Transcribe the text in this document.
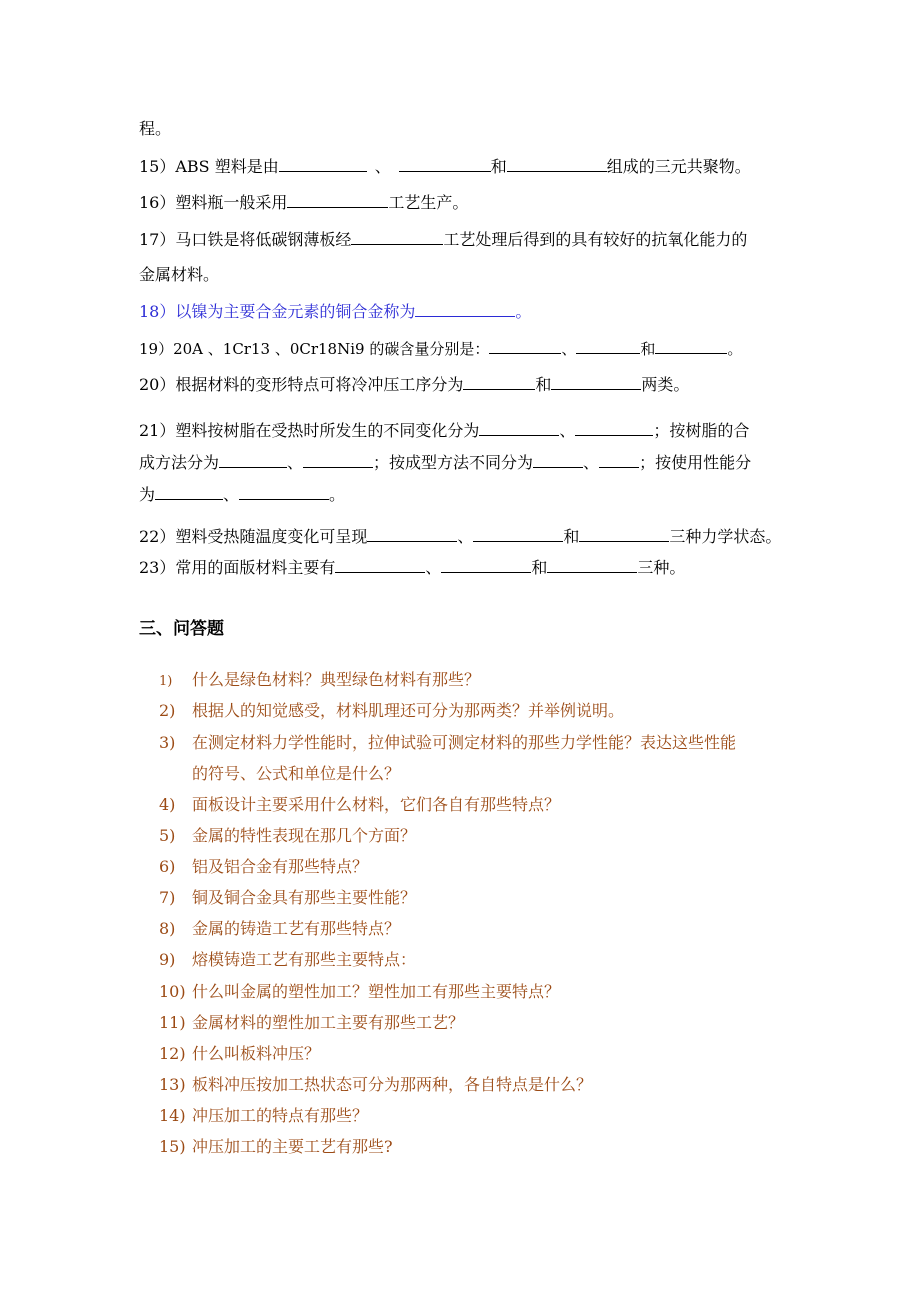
程。
15）ABS 塑料是由	、	和	组成的三元共聚物。
16）塑料瓶一般采用	工艺生产。
17）马口铁是将低碳钢薄板经	工艺处理后得到的具有较好的抗氧化能力的
金属材料。
18）以镍为主要合金元素的铜合金称为	。
19）20A 、1Cr13 、0Cr18Ni9 的碳含量分别是：	、	和	。
20）根据材料的变形特点可将冷冲压工序分为	和	两类。
21）塑料按树脂在受热时所发生的不同变化分为	、	；按树脂的合
成方法分为	、	；按成型方法不同分为	、	；按使用性能分
为	、	。
22）塑料受热随温度变化可呈现	、	和	三种力学状态。
23）常用的面版材料主要有	、	和	三种。
三、问答题
1) 什么是绿色材料？典型绿色材料有那些？
2) 根据人的知觉感受，材料肌理还可分为那两类？并举例说明。
3) 在测定材料力学性能时，拉伸试验可测定材料的那些力学性能？表达这些性能
的符号、公式和单位是什么？
4) 面板设计主要采用什么材料，它们各自有那些特点？
5) 金属的特性表现在那几个方面？
6) 铝及铝合金有那些特点？
7) 铜及铜合金具有那些主要性能？
8) 金属的铸造工艺有那些特点？
9) 熔模铸造工艺有那些主要特点：
10) 什么叫金属的塑性加工？塑性加工有那些主要特点？
11) 金属材料的塑性加工主要有那些工艺？
12) 什么叫板料冲压？
13) 板料冲压按加工热状态可分为那两种，各自特点是什么？
14) 冲压加工的特点有那些？
15) 冲压加工的主要工艺有那些?
